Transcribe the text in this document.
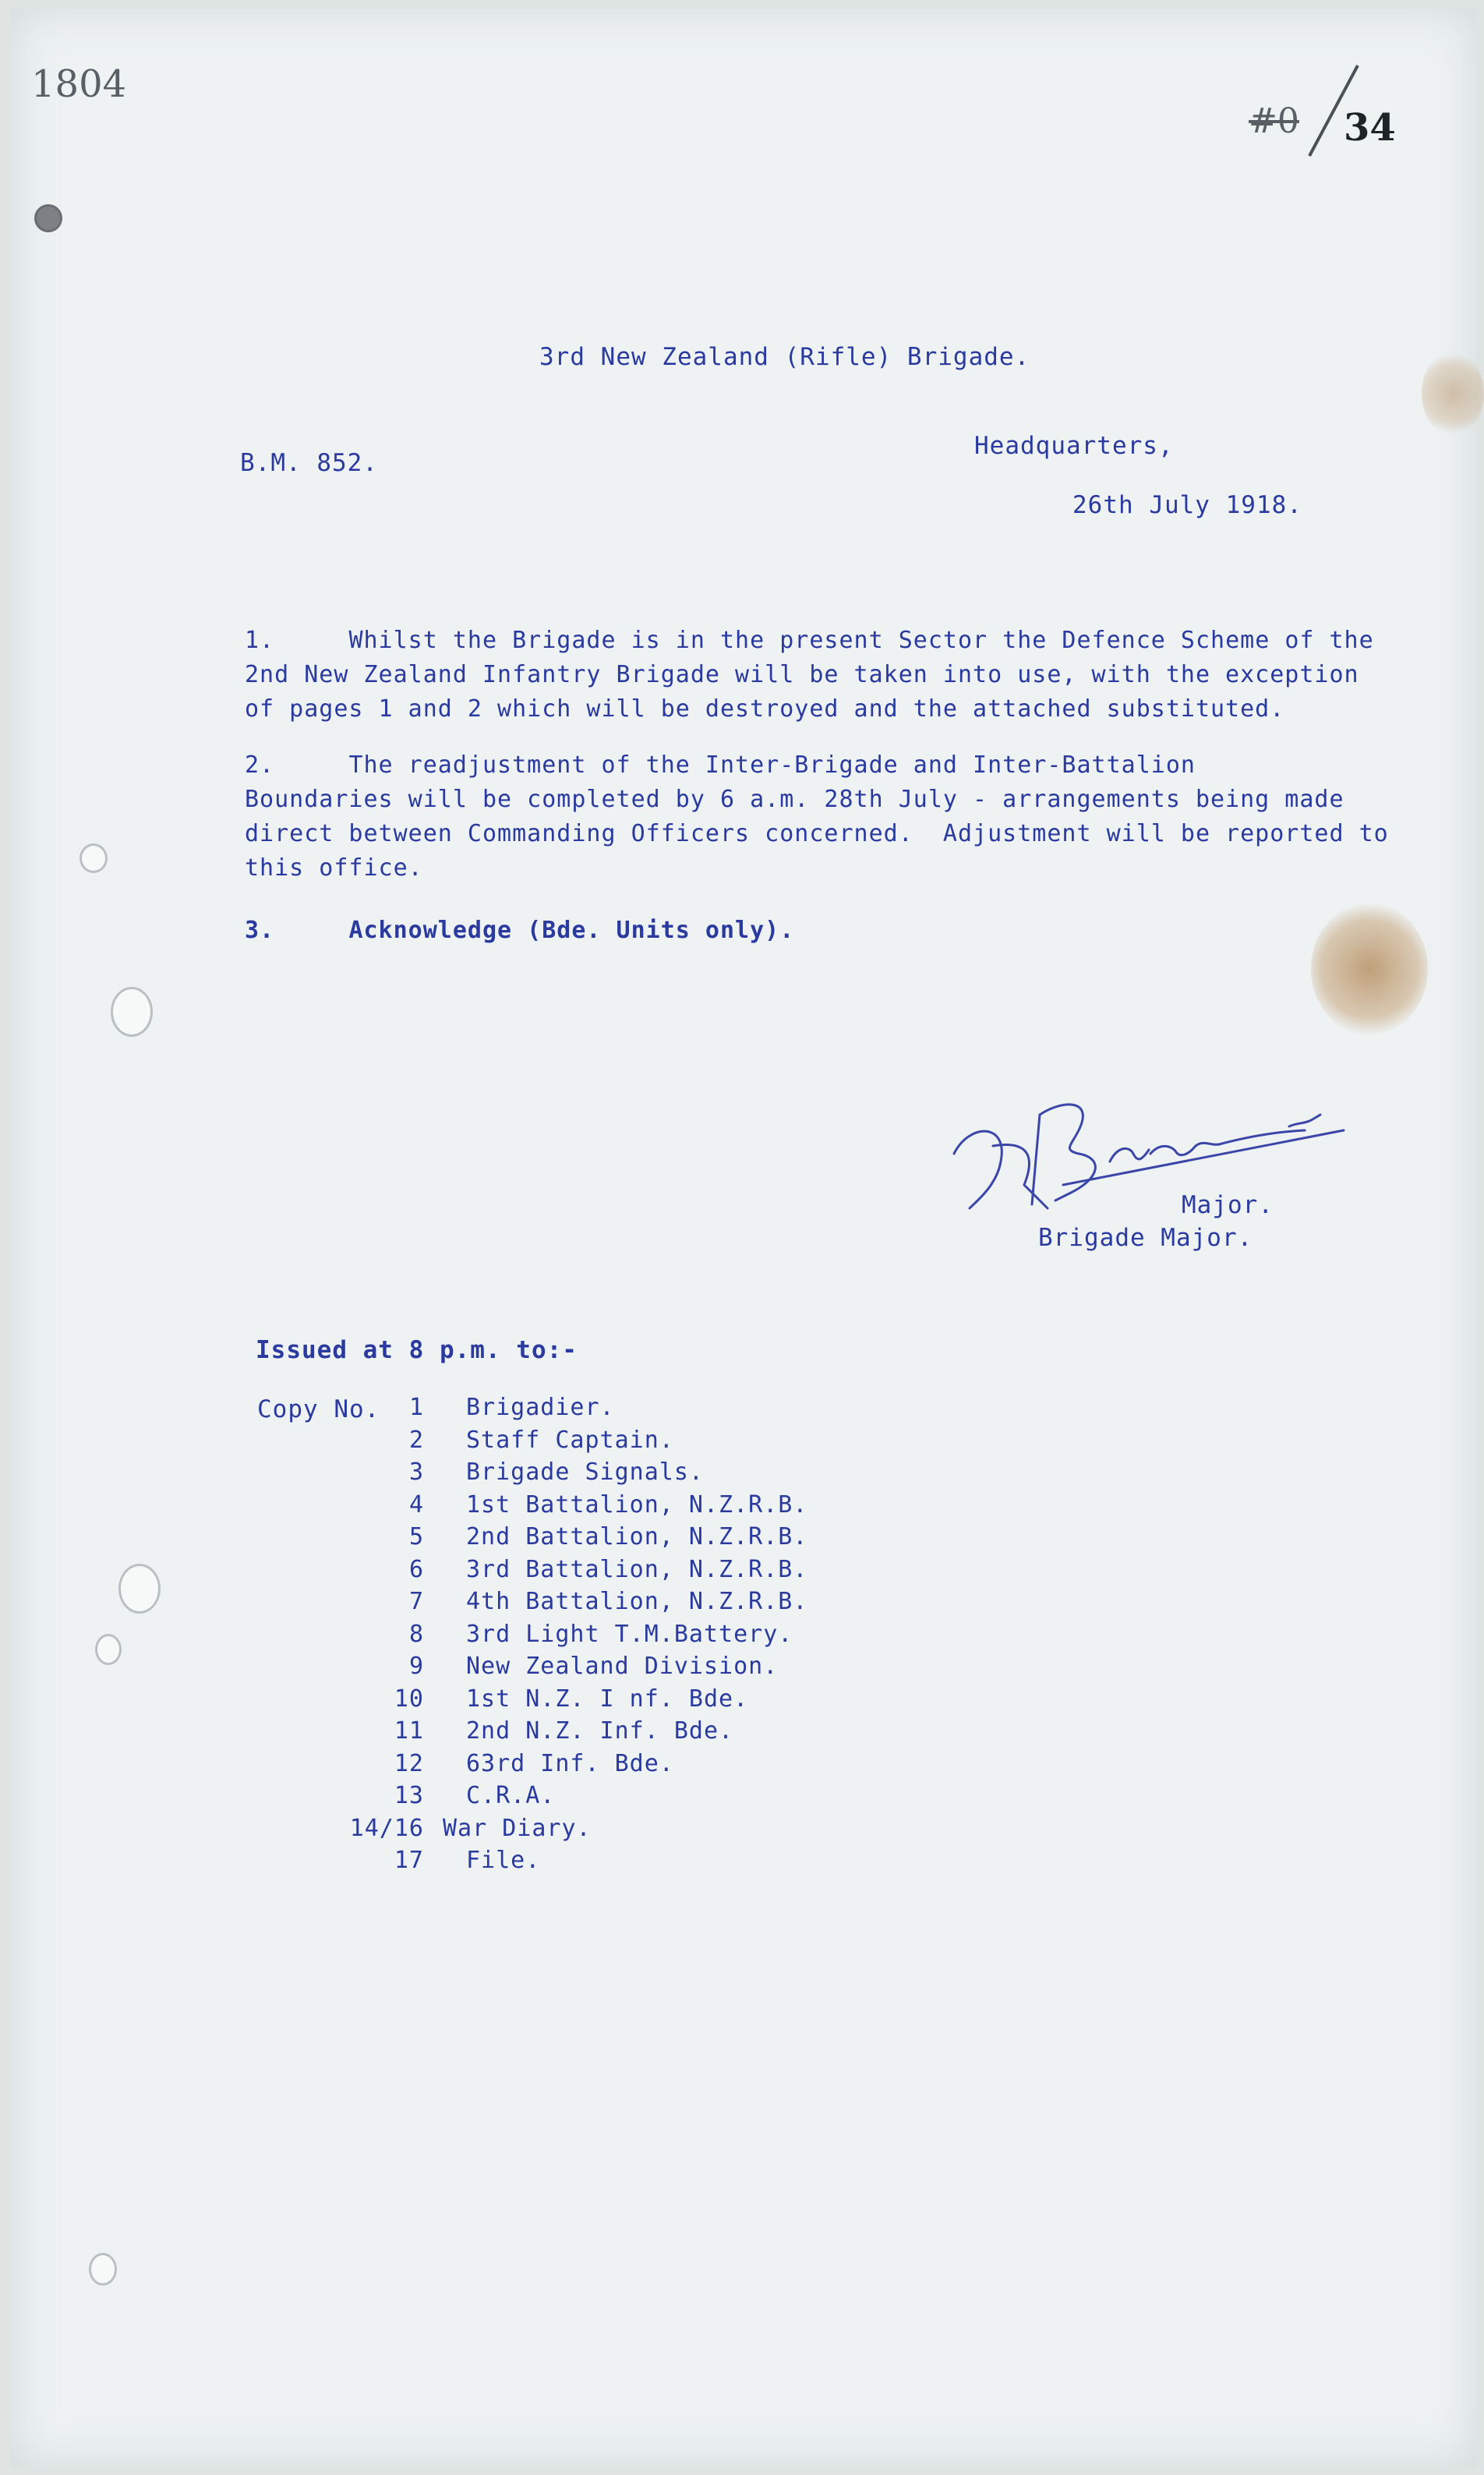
1804
#0 34
3rd New Zealand (Rifle) Brigade.
B.M. 852.
Headquarters,
26th July 1918.
1.	Whilst the Brigade is in the present Sector the Defence Scheme of the
2nd New Zealand Infantry Brigade will be taken into use, with the exception
of pages 1 and 2 which will be destroyed and the attached substituted.
2.	The readjustment of the Inter-Brigade and Inter-Battalion
Boundaries will be completed by 6 a.m. 28th July - arrangements being made
direct between Commanding Officers concerned.  Adjustment will be reported to
this office.
3.	Acknowledge (Bde. Units only).
Major.
Brigade Major.
Issued at 8 p.m. to:-
Copy No.	1	Brigadier.
2	Staff Captain.
3	Brigade Signals.
4	1st Battalion, N.Z.R.B.
5	2nd Battalion, N.Z.R.B.
6	3rd Battalion, N.Z.R.B.
7	4th Battalion, N.Z.R.B.
8	3rd Light T.M.Battery.
9	New Zealand Division.
10	1st N.Z. I nf. Bde.
11	2nd N.Z. Inf. Bde.
12	63rd Inf. Bde.
13	C.R.A.
14/16 War Diary.
17	File.
